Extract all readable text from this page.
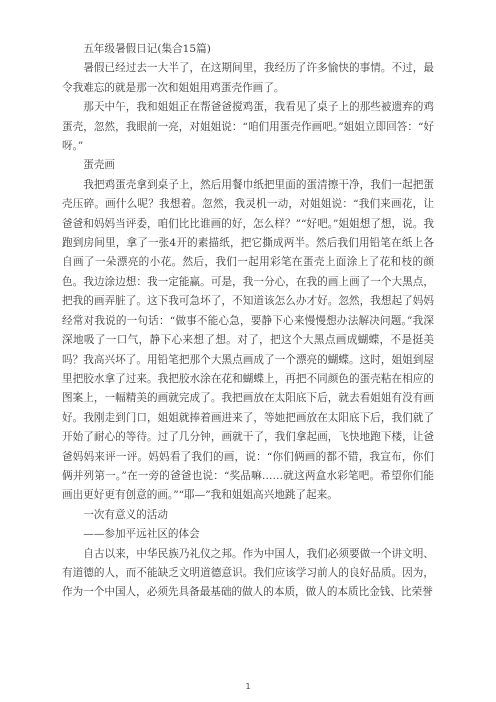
五年级暑假日记(集合15篇)

暑假已经过去一大半了，在这期间里，我经历了许多愉快的事情。不过，最令我难忘的就是那一次和姐姐用鸡蛋壳作画了。

那天中午，我和姐姐正在帮爸爸搅鸡蛋，我看见了桌子上的那些被遗弃的鸡蛋壳，忽然，我眼前一亮，对姐姐说：“咱们用蛋壳作画吧。”姐姐立即回答：“好呀。”

蛋壳画

我把鸡蛋壳拿到桌子上，然后用餐巾纸把里面的蛋清擦干净，我们一起把蛋壳压碎。画什么呢？我想着。忽然，我灵机一动，对姐姐说：“我们来画花，让爸爸和妈妈当评委，咱们比比谁画的好，怎么样？”“好吧。”姐姐想了想，说。我跑到房间里，拿了一张4开的素描纸，把它撕成两半。然后我们用铅笔在纸上各自画了一朵漂亮的小花。然后，我们一起用彩笔在蛋壳上面涂上了花和枝的颜色。我边涂边想：我一定能赢。可是，我一分心，在我的画上画了一个大黑点，把我的画弄脏了。这下我可急坏了，不知道该怎么办才好。忽然，我想起了妈妈经常对我说的一句话：“做事不能心急，要静下心来慢慢想办法解决问题。”我深深地吸了一口气，静下心来想了想。对了，把这个大黑点画成蝴蝶，不是挺美吗？我高兴坏了。用铅笔把那个大黑点画成了一个漂亮的蝴蝶。这时，姐姐到屋里把胶水拿了过来。我把胶水涂在花和蝴蝶上，再把不同颜色的蛋壳粘在相应的图案上，一幅精美的画就完成了。我把画放在太阳底下后，就去看姐姐有没有画好。我刚走到门口，姐姐就捧着画进来了，等她把画放在太阳底下后，我们就了开始了耐心的等待。过了几分钟，画就干了，我们拿起画，飞快地跑下楼，让爸爸妈妈来评一评。妈妈看了我们的画，说：“你们俩画的都不错，我宣布，你们俩并列第一。”在一旁的爸爸也说：“奖品嘛……就这两盒水彩笔吧。希望你们能画出更好更有创意的画。”“耶—”我和姐姐高兴地跳了起来。

一次有意义的活动

——参加平远社区的体会

自古以来，中华民族乃礼仪之邦。作为中国人，我们必须要做一个讲文明、有道德的人，而不能缺乏文明道德意识。我们应该学习前人的良好品质。因为，作为一个中国人，必须先具备最基础的做人的本质，做人的本质比金钱、比荣誉

1
